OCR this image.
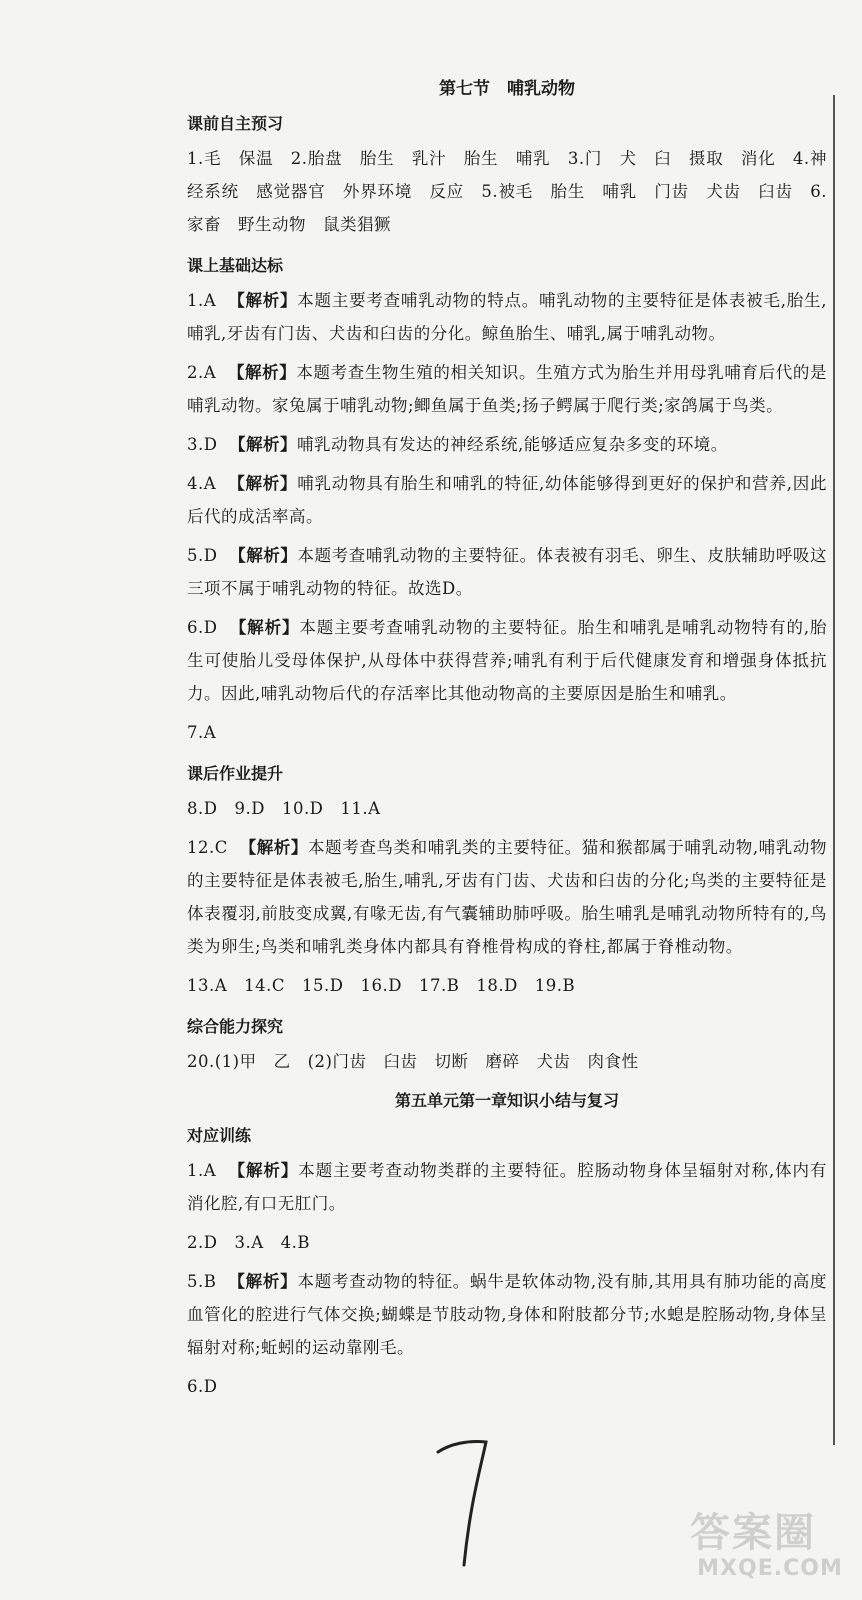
第七节　哺乳动物
课前自主预习
1.毛　保温　2.胎盘　胎生　乳汁　胎生　哺乳　3.门　犬　臼　摄取　消化　4.神经系统　感觉器官　外界环境　反应　5.被毛　胎生　哺乳　门齿　犬齿　臼齿　6.家畜　野生动物　鼠类猖獗
课上基础达标
1.A 【解析】本题主要考查哺乳动物的特点。哺乳动物的主要特征是体表被毛,胎生,哺乳,牙齿有门齿、犬齿和臼齿的分化。鲸鱼胎生、哺乳,属于哺乳动物。
2.A 【解析】本题考查生物生殖的相关知识。生殖方式为胎生并用母乳哺育后代的是哺乳动物。家兔属于哺乳动物;鲫鱼属于鱼类;扬子鳄属于爬行类;家鸽属于鸟类。
3.D 【解析】哺乳动物具有发达的神经系统,能够适应复杂多变的环境。
4.A 【解析】哺乳动物具有胎生和哺乳的特征,幼体能够得到更好的保护和营养,因此后代的成活率高。
5.D 【解析】本题考查哺乳动物的主要特征。体表被有羽毛、卵生、皮肤辅助呼吸这三项不属于哺乳动物的特征。故选D。
6.D 【解析】本题主要考查哺乳动物的主要特征。胎生和哺乳是哺乳动物特有的,胎生可使胎儿受母体保护,从母体中获得营养;哺乳有利于后代健康发育和增强身体抵抗力。因此,哺乳动物后代的存活率比其他动物高的主要原因是胎生和哺乳。
7.A
课后作业提升
8.D　9.D　10.D　11.A
12.C 【解析】本题考查鸟类和哺乳类的主要特征。猫和猴都属于哺乳动物,哺乳动物的主要特征是体表被毛,胎生,哺乳,牙齿有门齿、犬齿和臼齿的分化;鸟类的主要特征是体表覆羽,前肢变成翼,有喙无齿,有气囊辅助肺呼吸。胎生哺乳是哺乳动物所特有的,鸟类为卵生;鸟类和哺乳类身体内都具有脊椎骨构成的脊柱,都属于脊椎动物。
13.A　14.C　15.D　16.D　17.B　18.D　19.B
综合能力探究
20.(1)甲　乙　(2)门齿　臼齿　切断　磨碎　犬齿　肉食性
第五单元第一章知识小结与复习
对应训练
1.A 【解析】本题主要考查动物类群的主要特征。腔肠动物身体呈辐射对称,体内有消化腔,有口无肛门。
2.D　3.A　4.B
5.B 【解析】本题考查动物的特征。蜗牛是软体动物,没有肺,其用具有肺功能的高度血管化的腔进行气体交换;蝴蝶是节肢动物,身体和附肢都分节;水螅是腔肠动物,身体呈辐射对称;蚯蚓的运动靠刚毛。
6.D
答案圈
MXQE.COM
